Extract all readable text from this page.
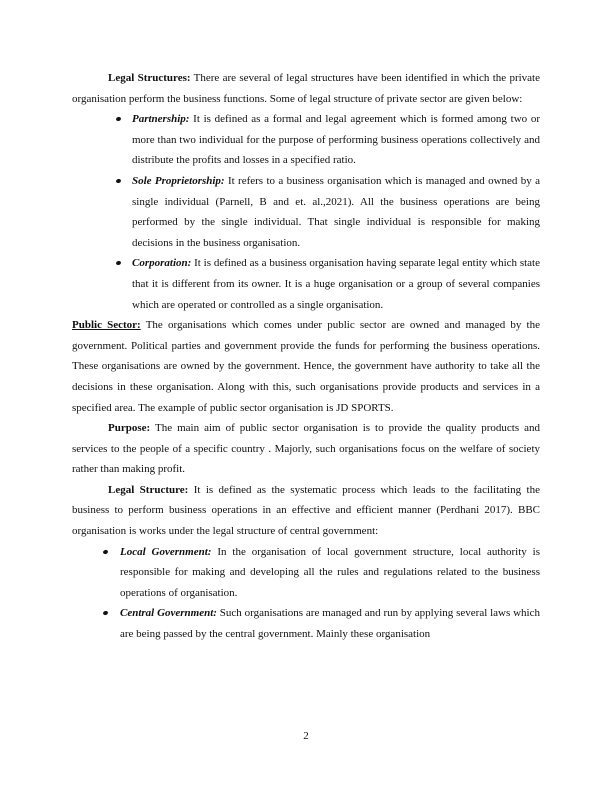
Legal Structures: There are several of legal structures have been identified in which the private organisation perform the business functions. Some of legal structure of private sector are given below:

Partnership: It is defined as a formal and legal agreement which is formed among two or more than two individual for the purpose of performing business operations collectively and distribute the profits and losses in a specified ratio.
Sole Proprietorship: It refers to a business organisation which is managed and owned by a single individual (Parnell, B and et. al.,2021). All the business operations are being performed by the single individual. That single individual is responsible for making decisions in the business organisation.
Corporation: It is defined as a business organisation having separate legal entity which state that it is different from its owner. It is a huge organisation or a group of several companies which are operated or controlled as a single organisation.

Public Sector: The organisations which comes under public sector are owned and managed by the government. Political parties and government provide the funds for performing the business operations. These organisations are owned by the government. Hence, the government have authority to take all the decisions in these organisation. Along with this, such organisations provide products and services in a specified area. The example of public sector organisation is JD SPORTS.

Purpose: The main aim of public sector organisation is to provide the quality products and services to the people of a specific country . Majorly, such organisations focus on the welfare of society rather than making profit.

Legal Structure: It is defined as the systematic process which leads to the facilitating the business to perform business operations in an effective and efficient manner (Perdhani 2017). BBC organisation is works under the legal structure of central government:

Local Government: In the organisation of local government structure, local authority is responsible for making and developing all the rules and regulations related to the business operations of organisation.
Central Government: Such organisations are managed and run by applying several laws which are being passed by the central government. Mainly these organisation
2
